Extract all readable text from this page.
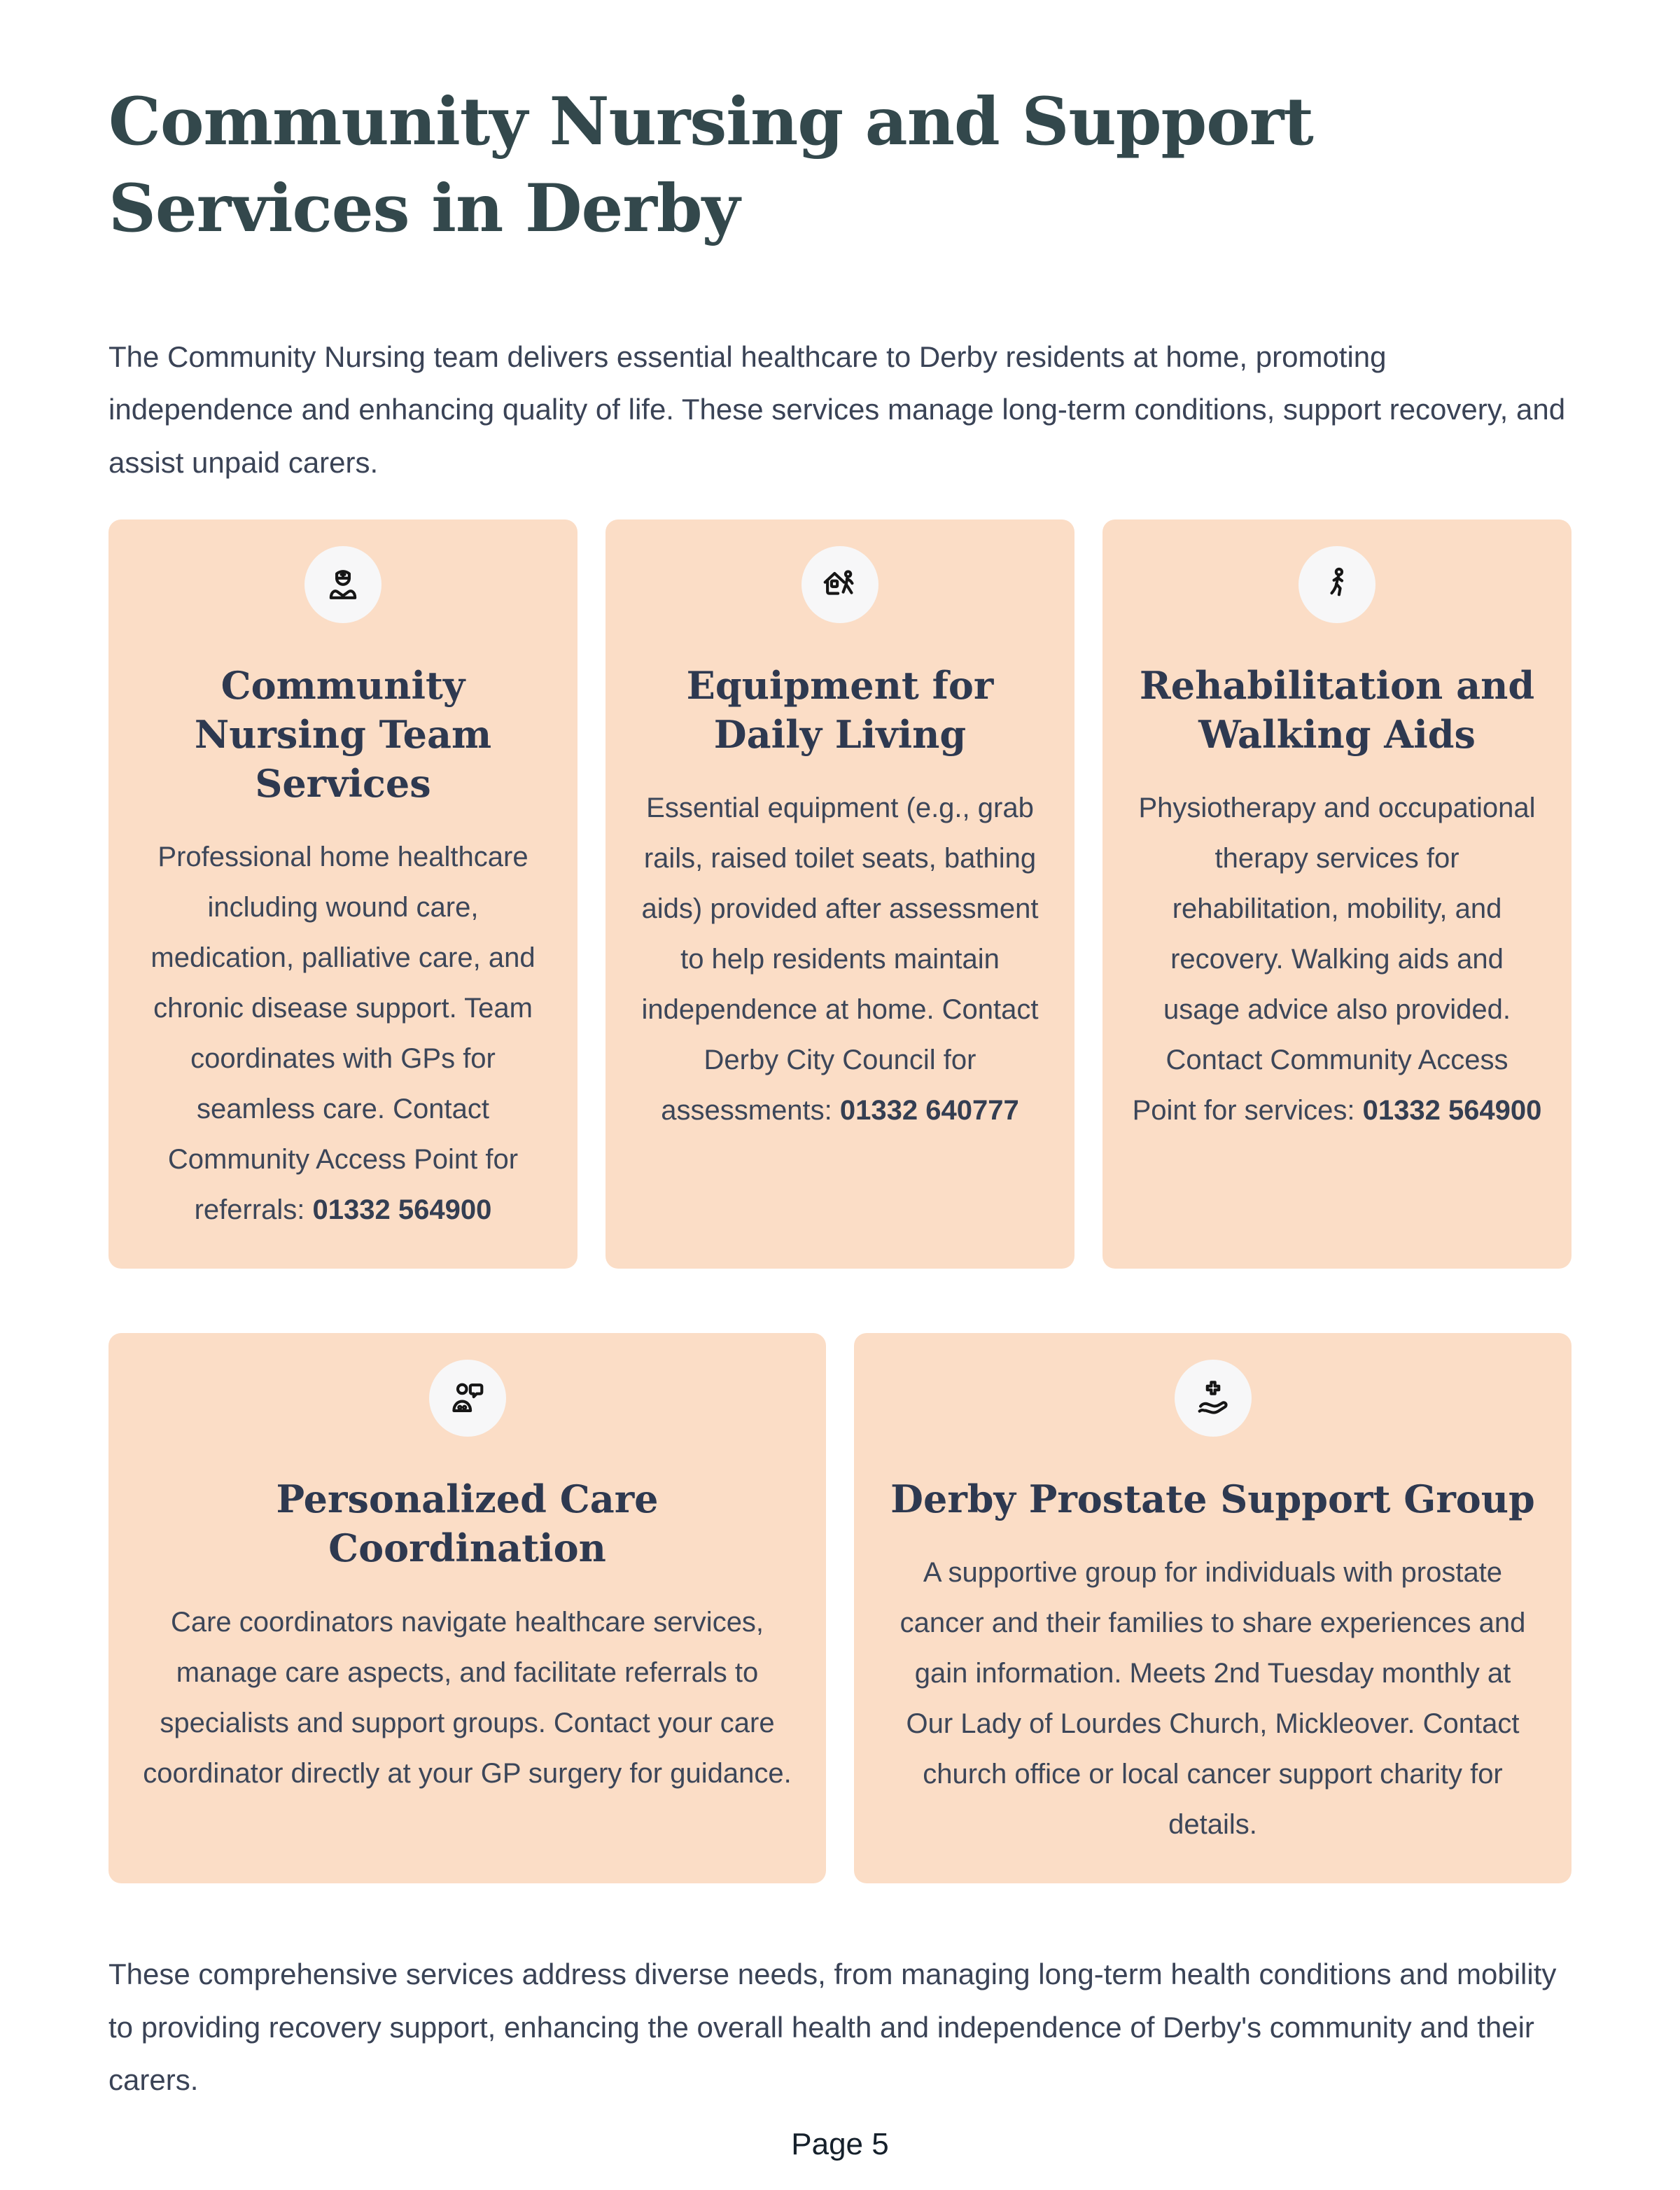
Community Nursing and Support Services in Derby

The Community Nursing team delivers essential healthcare to Derby residents at home, promoting independence and enhancing quality of life. These services manage long-term conditions, support recovery, and assist unpaid carers.

Community Nursing Team Services

Professional home healthcare including wound care, medication, palliative care, and chronic disease support. Team coordinates with GPs for seamless care. Contact Community Access Point for referrals: 01332 564900

Equipment for Daily Living

Essential equipment (e.g., grab rails, raised toilet seats, bathing aids) provided after assessment to help residents maintain independence at home. Contact Derby City Council for assessments: 01332 640777

Rehabilitation and Walking Aids

Physiotherapy and occupational therapy services for rehabilitation, mobility, and recovery. Walking aids and usage advice also provided. Contact Community Access Point for services: 01332 564900

Personalized Care Coordination

Care coordinators navigate healthcare services, manage care aspects, and facilitate referrals to specialists and support groups. Contact your care coordinator directly at your GP surgery for guidance.

Derby Prostate Support Group

A supportive group for individuals with prostate cancer and their families to share experiences and gain information. Meets 2nd Tuesday monthly at Our Lady of Lourdes Church, Mickleover. Contact church office or local cancer support charity for details.

These comprehensive services address diverse needs, from managing long-term health conditions and mobility to providing recovery support, enhancing the overall health and independence of Derby's community and their carers.

Page 5
